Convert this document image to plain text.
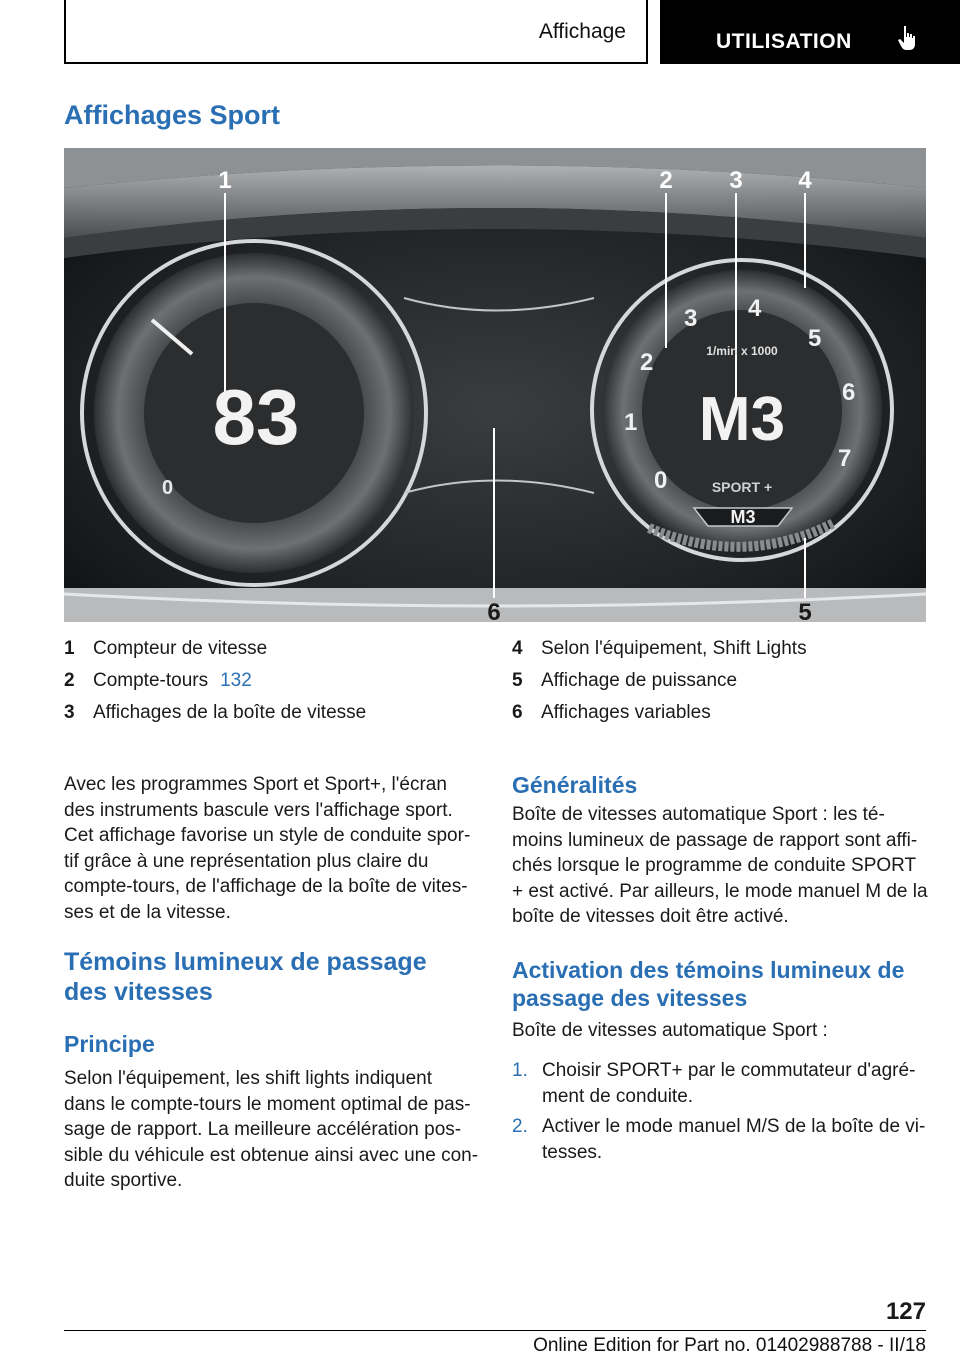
Affichage	UTILISATION
Affichages Sport
83
0
M3
1/min x 1000
SPORT +
M3
0
1
2
3 4
5
6
7
1	2 3 4
5
6
1 Compteur de vitesse
2 Compte-tours 132
3 Affichages de la boîte de vitesse
4 Selon l'équipement, Shift Lights
5 Affichage de puissance
6 Affichages variables
Avec les programmes Sport et Sport+, l'écran
des instruments bascule vers l'affichage sport.
Cet affichage favorise un style de conduite spor-
tif grâce à une représentation plus claire du
compte-tours, de l'affichage de la boîte de vites-
ses et de la vitesse.
Témoins lumineux de passage
des vitesses
Principe
Selon l'équipement, les shift lights indiquent
dans le compte-tours le moment optimal de pas-
sage de rapport. La meilleure accélération pos-
sible du véhicule est obtenue ainsi avec une con-
duite sportive.
Généralités
Boîte de vitesses automatique Sport : les té-
moins lumineux de passage de rapport sont affi-
chés lorsque le programme de conduite SPORT
+ est activé. Par ailleurs, le mode manuel M de la
boîte de vitesses doit être activé.
Activation des témoins lumineux de
passage des vitesses
Boîte de vitesses automatique Sport :
1. Choisir SPORT+ par le commutateur d'agré-
ment de conduite.
2. Activer le mode manuel M/S de la boîte de vi-
tesses.
127
Online Edition for Part no. 01402988788 - II/18
